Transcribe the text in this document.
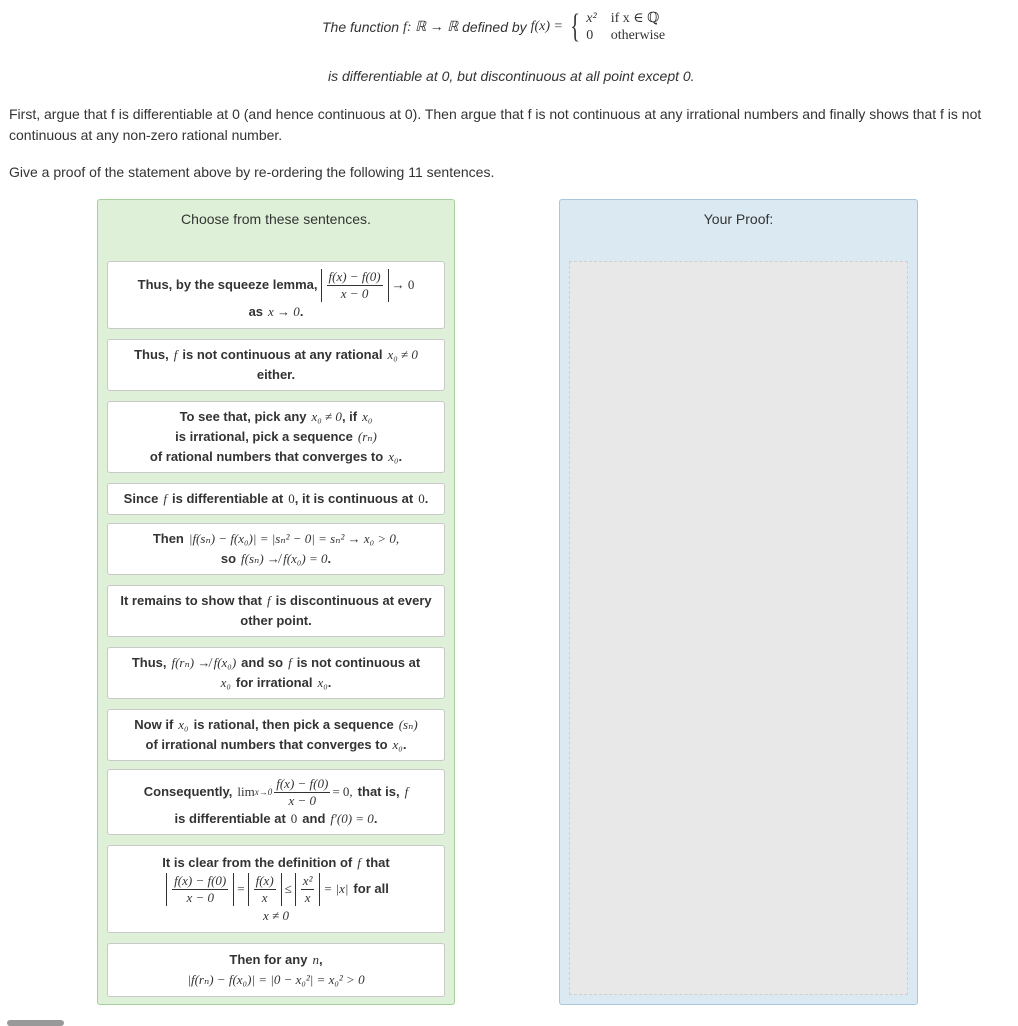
The function
f: ℝ → ℝ
defined by
f(x) = { x² if x ∈ ℚ
0 otherwise
is differentiable at 0, but discontinuous at all point except 0.
First, argue that f is differentiable at 0 (and hence continuous at 0). Then argue that f is not continuous at any irrational numbers and finally shows that f is not continuous at any non-zero rational number.
Give a proof of the statement above by re-ordering the following 11 sentences.
Choose from these sentences.
Thus, by the squeeze lemma, $\frac{f(x) - f(0)}{x - 0} \to 0$
as x → 0 .
Thus, f is not continuous at any rational x₀ ≠ 0
either.
To see that, pick any x₀ ≠ 0 , if x₀
is irrational, pick a sequence (rₙ)
of rational numbers that converges to x₀ .
Since f is differentiable at 0 , it is continuous at 0 .
Then |f(sₙ) − f(x₀)| = |sₙ² − 0| = sₙ² → x₀ > 0,
so f(sₙ) ↛ f(x₀) = 0 .
It remains to show that f is discontinuous at every
other point.
Thus, f(rₙ) ↛ f(x₀) and so f is not continuous at
x₀ for irrational x₀ .
Now if x₀ is rational, then pick a sequence (sₙ)
of irrational numbers that converges to x₀ .
Consequently, $\lim x\to 0 \frac{f(x) - f(0)}{x - 0} = 0$, that is, f
is differentiable at 0 and f′(0) = 0 .
It is clear from the definition of f that
$\frac{f(x) - f(0)}{x - 0} = \frac{f(x)}{x} \le \frac{\text{x²}}{x} = |x|$ for all
x ≠ 0
Then for any n ,
|f(rₙ) − f(x₀)| = |0 − x₀²| = x₀² > 0
Your Proof:
